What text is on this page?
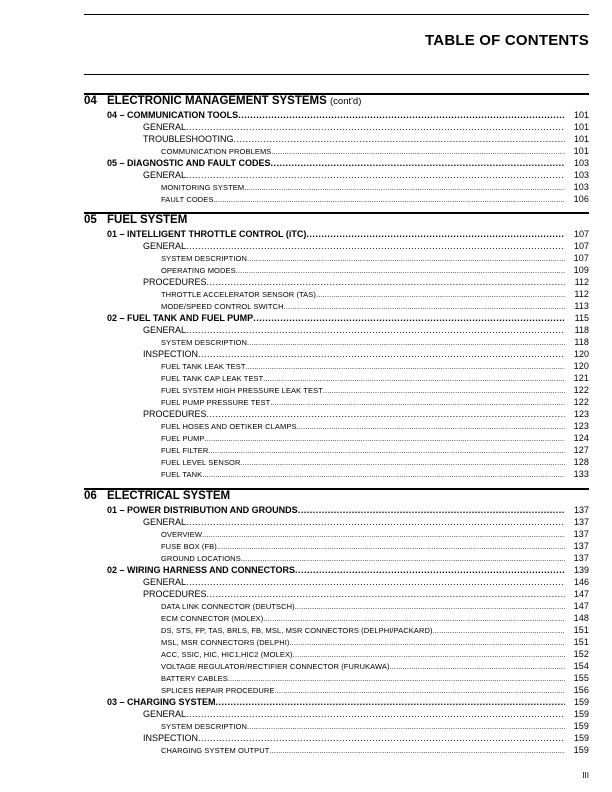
TABLE OF CONTENTS
04 ELECTRONIC MANAGEMENT SYSTEMS (cont'd)
04 – COMMUNICATION TOOLS . . .	101
GENERAL . . .	101
TROUBLESHOOTING . . .	101
COMMUNICATION PROBLEMS . . .	101
05 – DIAGNOSTIC AND FAULT CODES . . .	103
GENERAL . . .	103
MONITORING SYSTEM . . .	103
FAULT CODES . . .	106
05 FUEL SYSTEM
01 – INTELLIGENT THROTTLE CONTROL (iTC) . . .	107
GENERAL . . .	107
SYSTEM DESCRIPTION . . .	107
OPERATING MODES . . .	109
PROCEDURES . . .	112
THROTTLE ACCELERATOR SENSOR (TAS) . . .	112
MODE/SPEED CONTROL SWITCH . . .	113
02 – FUEL TANK AND FUEL PUMP . . .	115
GENERAL . . .	118
SYSTEM DESCRIPTION . . .	118
INSPECTION . . .	120
FUEL TANK LEAK TEST . . .	120
FUEL TANK CAP LEAK TEST . . .	121
FUEL SYSTEM HIGH PRESSURE LEAK TEST . . .	122
FUEL PUMP PRESSURE TEST . . .	122
PROCEDURES . . .	123
FUEL HOSES AND OETIKER CLAMPS . . .	123
FUEL PUMP . . .	124
FUEL FILTER . . .	127
FUEL LEVEL SENSOR . . .	128
FUEL TANK . . .	133
06 ELECTRICAL SYSTEM
01 – POWER DISTRIBUTION AND GROUNDS . . .	137
GENERAL . . .	137
OVERVIEW . . .	137
FUSE BOX (FB) . . .	137
GROUND LOCATIONS . . .	137
02 – WIRING HARNESS AND CONNECTORS . . .	139
GENERAL . . .	146
PROCEDURES . . .	147
DATA LINK CONNECTOR (DEUTSCH) . . .	147
ECM CONNECTOR (MOLEX) . . .	148
DS, STS, FP, TAS, BRLS, FB, MSL, MSR CONNECTORS (DELPHI/PACKARD) . . .	151
MSL, MSR CONNECTORS (DELPHI) . . .	151
ACC, SSIC, HIC, HIC1,HIC2 (MOLEX) . . .	152
VOLTAGE REGULATOR/RECTIFIER CONNECTOR (FURUKAWA) . . .	154
BATTERY CABLES . . .	155
SPLICES REPAIR PROCEDURE . . .	156
03 – CHARGING SYSTEM . . .	159
GENERAL . . .	159
SYSTEM DESCRIPTION . . .	159
INSPECTION . . .	159
CHARGING SYSTEM OUTPUT . . .	159
III
